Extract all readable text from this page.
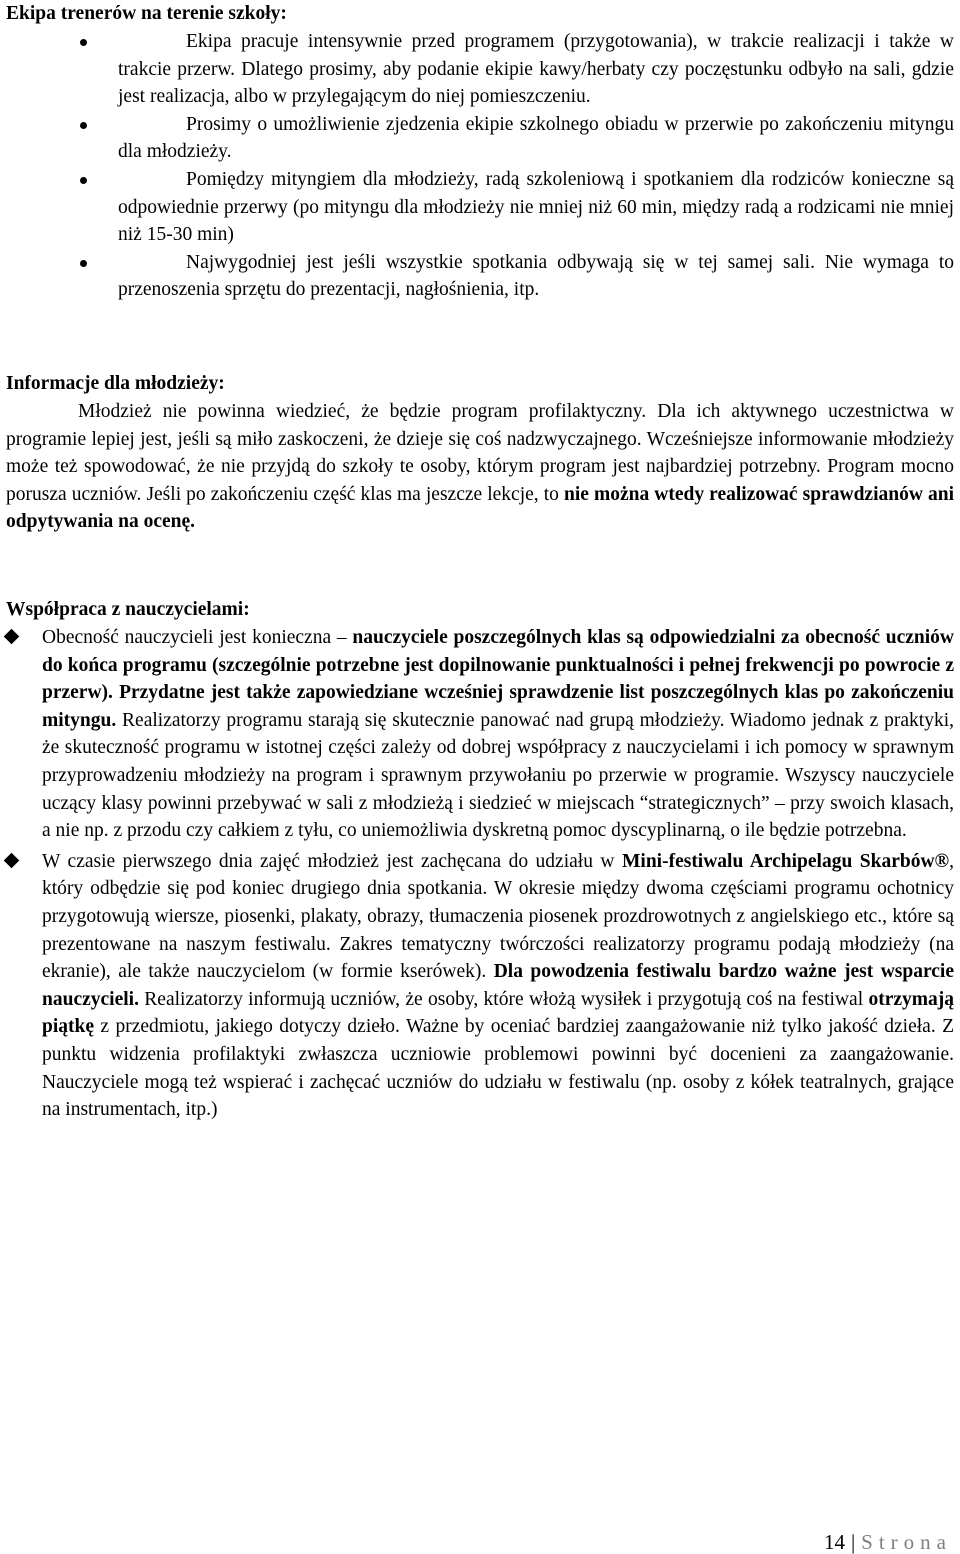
Ekipa trenerów na terenie szkoły:
Ekipa pracuje intensywnie przed programem (przygotowania), w trakcie realizacji i także w trakcie przerw. Dlatego prosimy, aby podanie ekipie kawy/herbaty czy poczęstunku odbyło na sali, gdzie jest realizacja, albo w przylegającym do niej pomieszczeniu.
Prosimy o umożliwienie zjedzenia ekipie szkolnego obiadu w przerwie po zakończeniu mityngu dla młodzieży.
Pomiędzy mityngiem dla młodzieży, radą szkoleniową i spotkaniem dla rodziców konieczne są odpowiednie przerwy (po mityngu dla młodzieży nie mniej niż 60 min, między radą a rodzicami nie mniej niż 15-30 min)
Najwygodniej jest jeśli wszystkie spotkania odbywają się w tej samej sali. Nie wymaga to przenoszenia sprzętu do prezentacji, nagłośnienia, itp.
Informacje dla młodzieży:

Młodzież nie powinna wiedzieć, że będzie program profilaktyczny. Dla ich aktywnego uczestnictwa w programie lepiej jest, jeśli są miło zaskoczeni, że dzieje się coś nadzwyczajnego. Wcześniejsze informowanie młodzieży może też spowodować, że nie przyjdą do szkoły te osoby, którym program jest najbardziej potrzebny. Program mocno porusza uczniów. Jeśli po zakończeniu część klas ma jeszcze lekcje, to nie można wtedy realizować sprawdzianów ani odpytywania na ocenę.

Współpraca z nauczycielami:
Obecność nauczycieli jest konieczna – nauczyciele poszczególnych klas są odpowiedzialni za obecność uczniów do końca programu (szczególnie potrzebne jest dopilnowanie punktualności i pełnej frekwencji po powrocie z przerw). Przydatne jest także zapowiedziane wcześniej sprawdzenie list poszczególnych klas po zakończeniu mityngu. Realizatorzy programu starają się skutecznie panować nad grupą młodzieży. Wiadomo jednak z praktyki, że skuteczność programu w istotnej części zależy od dobrej współpracy z nauczycielami i ich pomocy w sprawnym przyprowadzeniu młodzieży na program i sprawnym przywołaniu po przerwie w programie. Wszyscy nauczyciele uczący klasy powinni przebywać w sali z młodzieżą i siedzieć w miejscach “strategicznych” – przy swoich klasach, a nie np. z przodu czy całkiem z tyłu, co uniemożliwia dyskretną pomoc dyscyplinarną, o ile będzie potrzebna.
W czasie pierwszego dnia zajęć młodzież jest zachęcana do udziału w Mini-festiwalu Archipelagu Skarbów®, który odbędzie się pod koniec drugiego dnia spotkania. W okresie między dwoma częściami programu ochotnicy przygotowują wiersze, piosenki, plakaty, obrazy, tłumaczenia piosenek prozdrowotnych z angielskiego etc., które są prezentowane na naszym festiwalu. Zakres tematyczny twórczości realizatorzy programu podają młodzieży (na ekranie), ale także nauczycielom (w formie kserówek). Dla powodzenia festiwalu bardzo ważne jest wsparcie nauczycieli. Realizatorzy informują uczniów, że osoby, które włożą wysiłek i przygotują coś na festiwal otrzymają piątkę z przedmiotu, jakiego dotyczy dzieło. Ważne by oceniać bardziej zaangażowanie niż tylko jakość dzieła. Z punktu widzenia profilaktyki zwłaszcza uczniowie problemowi powinni być docenieni za zaangażowanie. Nauczyciele mogą też wspierać i zachęcać uczniów do udziału w festiwalu (np. osoby z kółek teatralnych, grające na instrumentach, itp.)
14 | Strona
